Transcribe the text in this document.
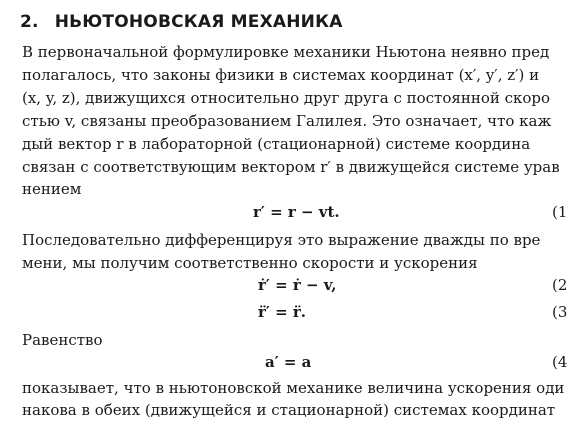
2. НЬЮТОНОВСКАЯ МЕХАНИКА
В первоначальной формулировке механики Ньютона неявно пред
полагалось, что законы физики в системах координат (x′, y′, z′) и
(x, y, z), движущихся относительно друг друга с постоянной скоро
стью v, связаны преобразованием Галилея. Это означает, что каж
дый вектор r в лабораторной (стационарной) системе координа
связан с соответствующим вектором r′ в движущейся системе урав
нением
r′ = r − vt.	(1
Последовательно дифференцируя это выражение дважды по вре
мени, мы получим соответственно скорости и ускорения
ṙ′ = ṙ − v,	(2
r̈′ = r̈.	(3
Равенство
a′ = a	(4
показывает, что в ньютоновской механике величина ускорения оди
накова в обеих (движущейся и стационарной) системах координат
